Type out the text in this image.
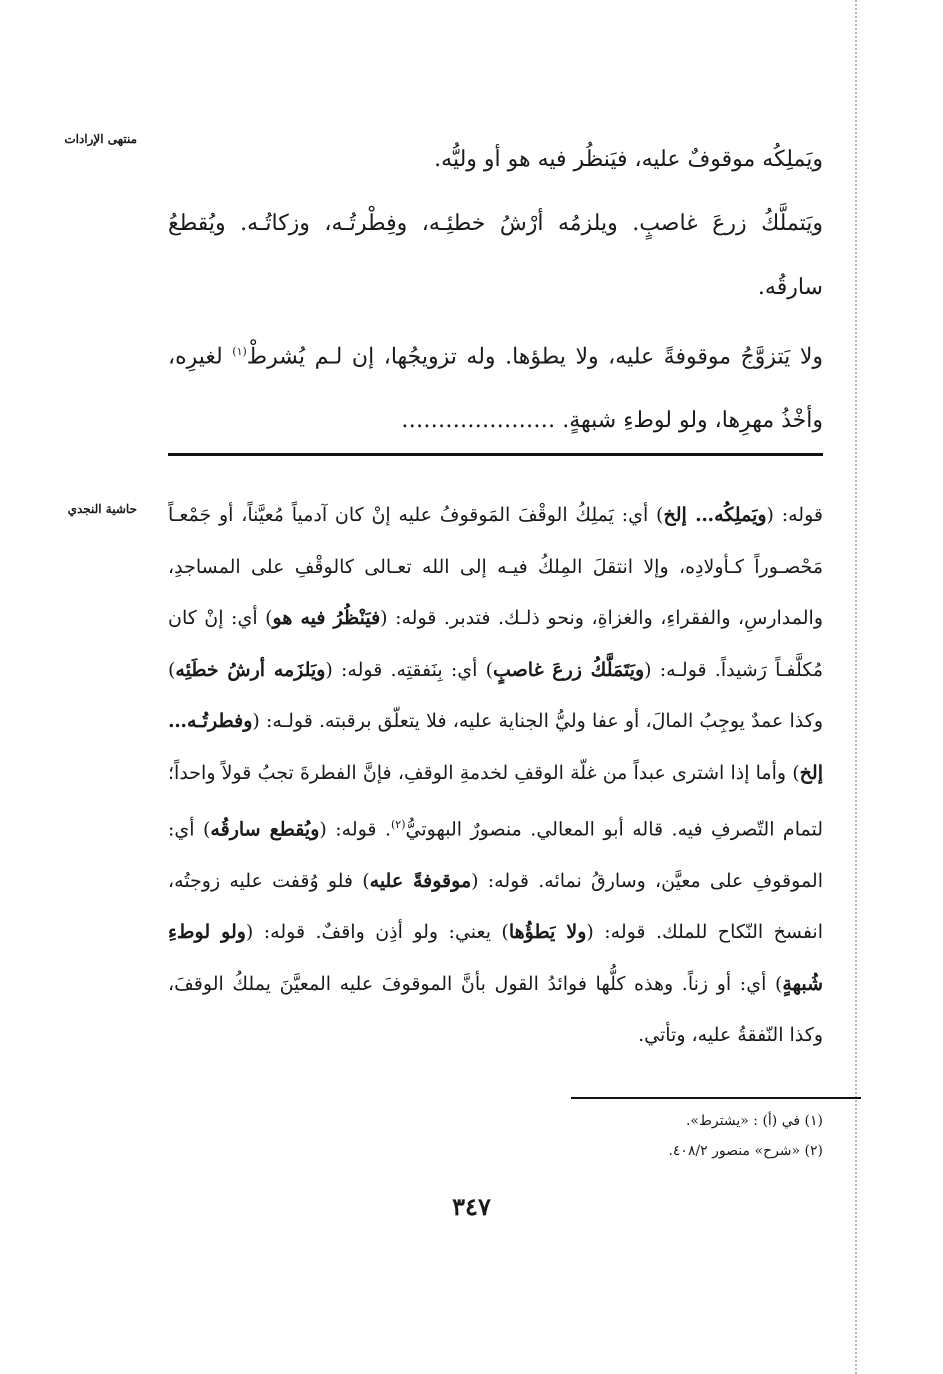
منتهى الإرادات
حاشية النجدي

ويَملِكُه موقوفٌ عليه، فيَنظُر فيه هو أو وليُّه.

ويَتملَّكُ زرعَ غاصبٍ. ويلزمُه أرْشُ خطئِـه، وفِطْرتُـه، وزكاتُـه. ويُقطعُ سارقُه.

ولا يَتزوَّجُ موقوفةً عليه، ولا يطؤها. وله تزويجُها، إن لـم يُشرطْ$^{(١)}$ لغيرِه، وأخْذُ مهرِها، ولو لوطءِ شبهةٍ. …………………

قوله: (ويَملِكُه… إلخ) أي: يَملِكُ الوقْفَ المَوقوفُ عليه إنْ كان آدمياً مُعيَّناً، أو جَمْعـاً مَحْصـوراً كـأولادِه، وإلا انتقلَ المِلكُ فيـه إلى الله تعـالى كالوقْفِ على المساجدِ، والمدارسِ، والفقراءِ، والغزاةِ، ونحو ذلـك. فتدبر. قوله: (فيَنْظُرُ فيه هو) أي: إنْ كان مُكلَّفـاً رَشيداً. قولـه: (ويَتَمَلَّكُ زرعَ غاصبٍ) أي: بِنَفقتِه. قوله: (ويَلزَمه أرشُ خطَئِه) وكذا عمدٌ يوجِبُ المالَ، أو عفا وليُّ الجناية عليه، فلا يتعلّق برقبته. قولـه: (وفطرتُـه…إلخ) وأما إذا اشترى عبداً من غلّة الوقفِ لخدمةِ الوقفِ، فإنَّ الفطرةَ تجبُ قولاً واحداً؛ لتمام التّصرفِ فيه. قاله أبو المعالي. منصورٌ البهوتيُّ$^{(٢)}$. قوله: (ويُقطع سارقُه) أي: الموقوفِ على معيَّن، وسارقُ نمائه. قوله: (موقوفةً عليه) فلو وُقفت عليه زوجتُه، انفسخ النّكاح للملك. قوله: (ولا يَطؤُها) يعني: ولو أذِن واقفٌ. قوله: (ولو لوطءِ شُبهةٍ) أي: أو زناً. وهذه كلُّها فوائدُ القول بأنَّ الموقوفَ عليه المعيَّنَ يملكُ الوقفَ، وكذا النّفقةُ عليه، وتأتي.

(١) في (أ) : «يشترط».

(٢) «شرح» منصور ٤٠٨/٢.

٣٤٧
